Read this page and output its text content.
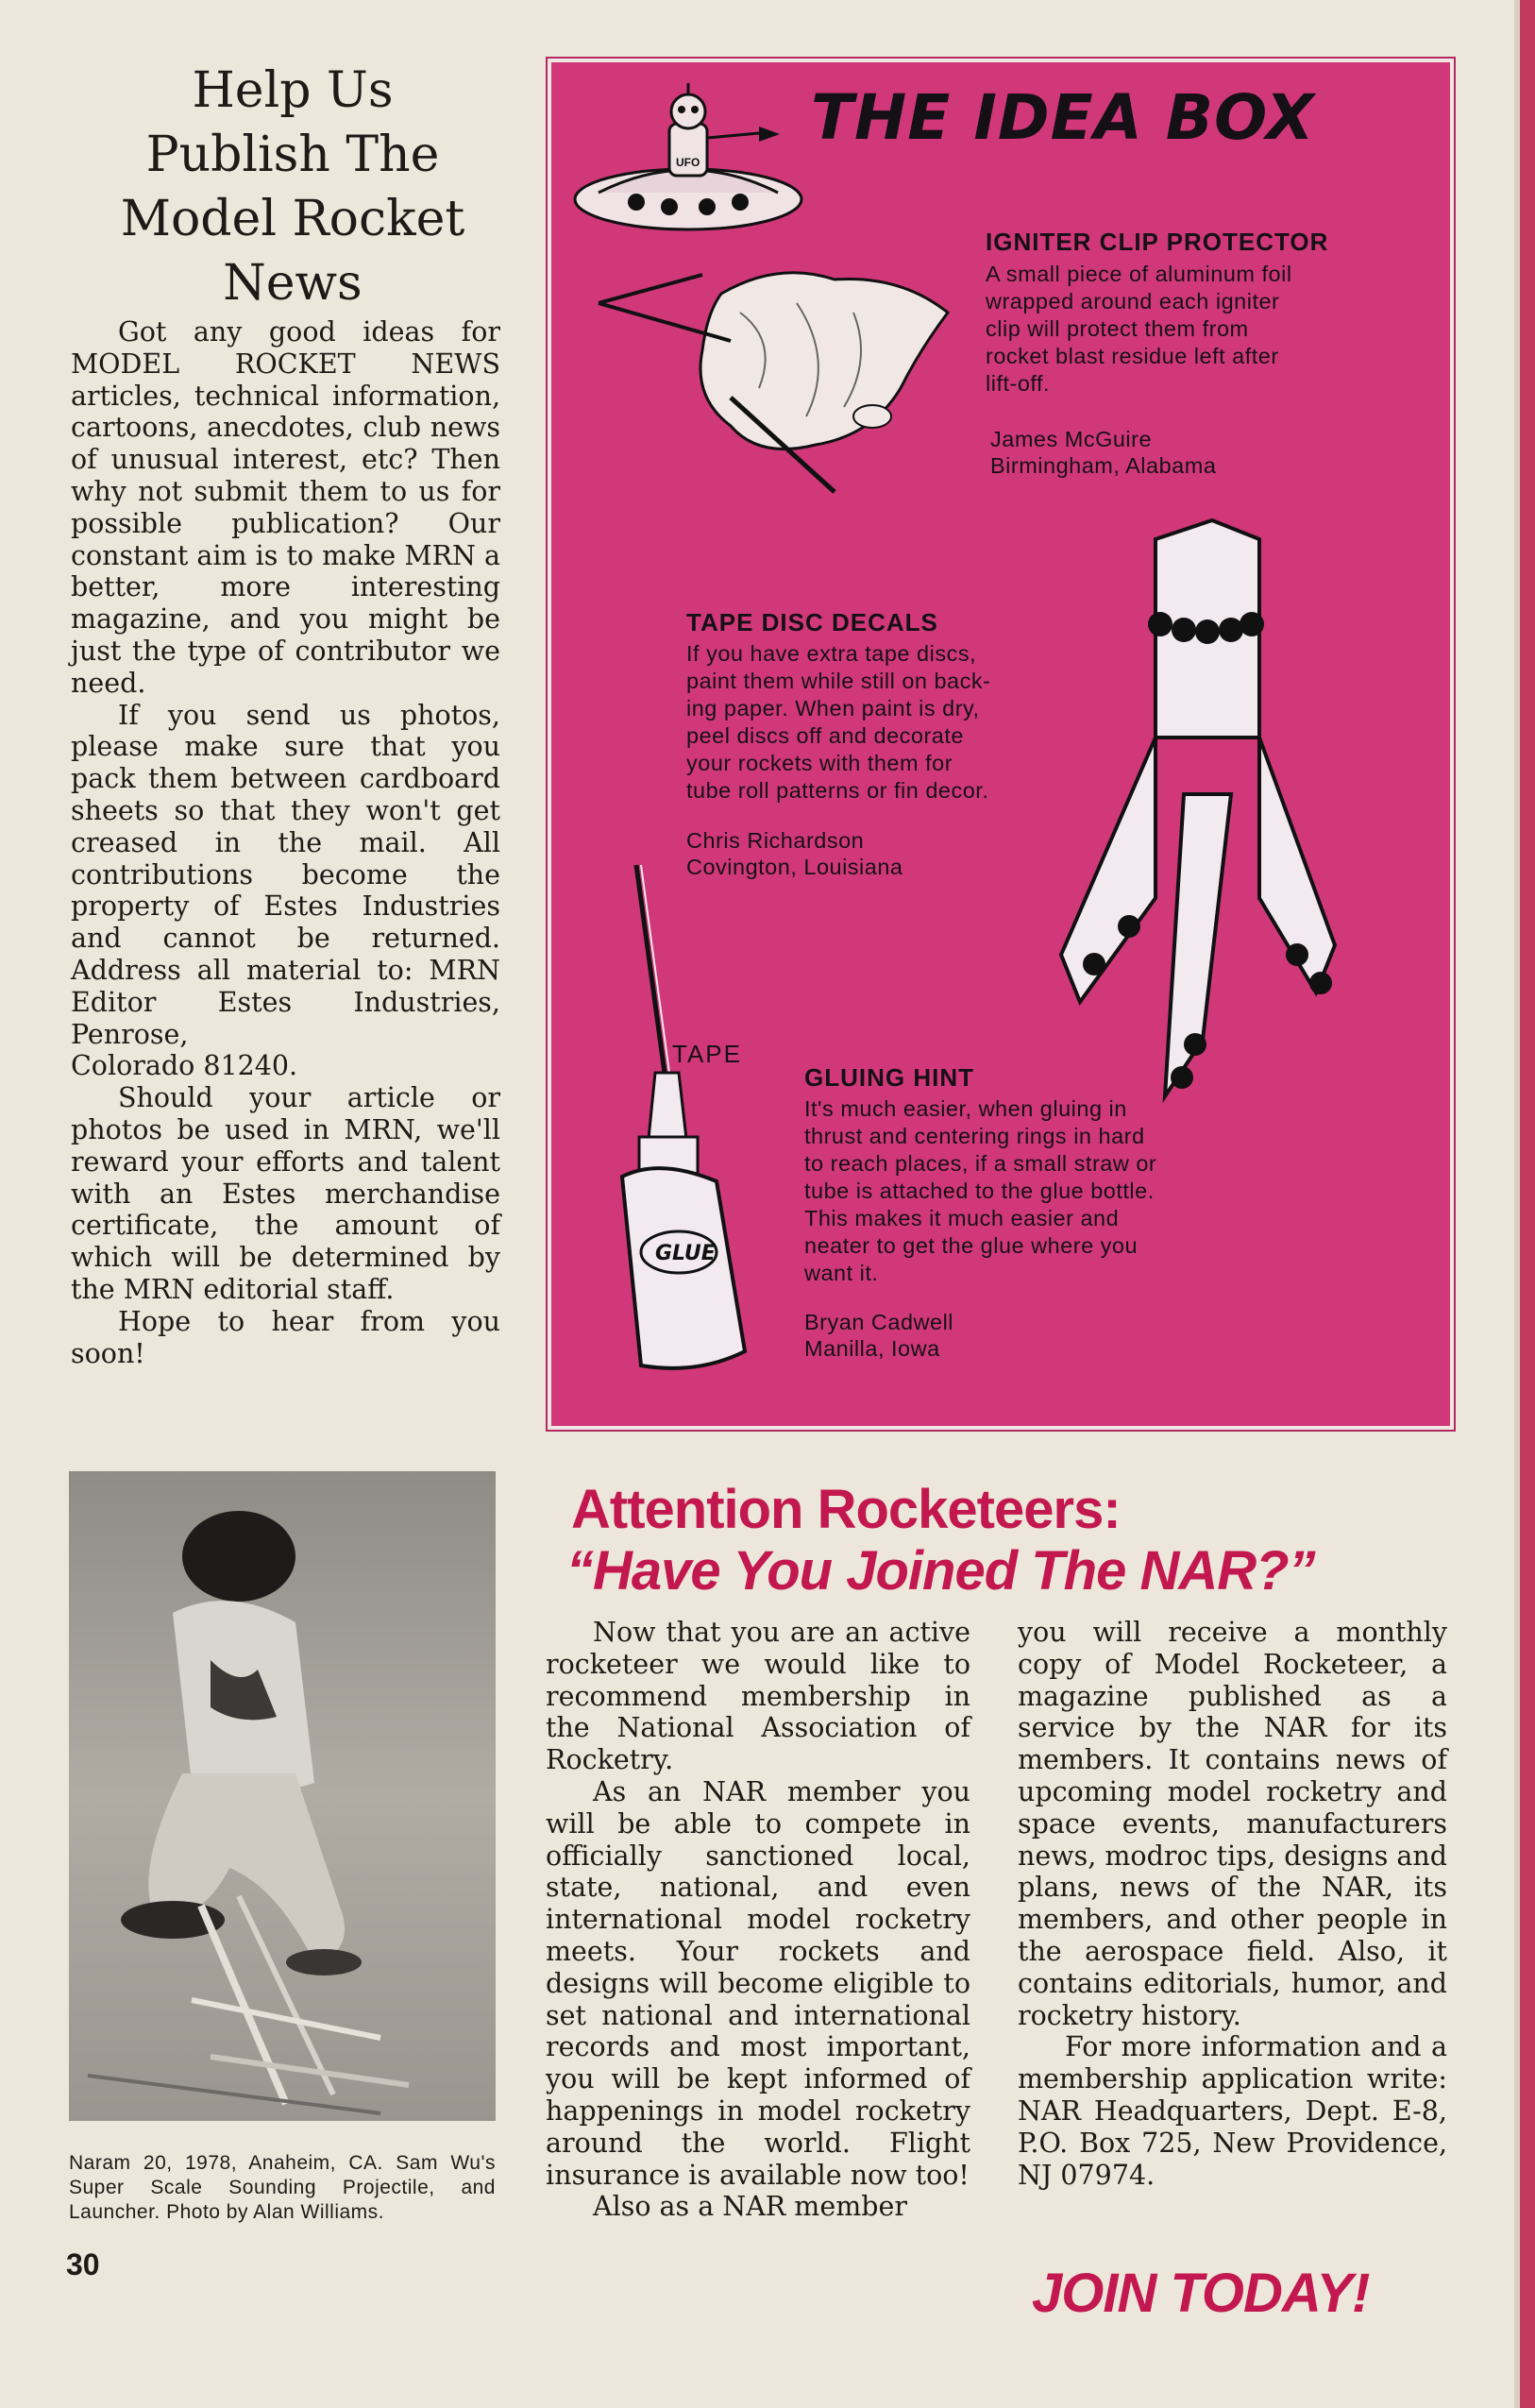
Help Us
Publish The
Model Rocket
News

Got any good ideas for MODEL ROCKET NEWS articles, technical information, cartoons, anecdotes, club news of unusual interest, etc? Then why not submit them to us for possible publication? Our constant aim is to make MRN a better, more interesting magazine, and you might be just the type of contributor we need.

If you send us photos, please make sure that you pack them between cardboard sheets so that they won't get creased in the mail. All contributions become the property of Estes Industries and cannot be returned. Address all material to: MRN Editor Estes Industries, Penrose,

Colorado 81240.

Should your article or photos be used in MRN, we'll reward your efforts and talent with an Estes merchandise certificate, the amount of which will be determined by the MRN editorial staff.

Hope to hear from you soon!

UFO
THE IDEA BOX
IGNITER CLIP PROTECTOR
A small piece of aluminum foil
wrapped around each igniter
clip will protect them from
rocket blast residue left after
lift-off.
James McGuire
Birmingham, Alabama
TAPE DISC DECALS
If you have extra tape discs,
paint them while still on back-
ing paper. When paint is dry,
peel discs off and decorate
your rockets with them for
tube roll patterns or fin decor.
Chris Richardson
Covington, Louisiana
GLUE
TAPE
GLUING HINT
It's much easier, when gluing in
thrust and centering rings in hard
to reach places, if a small straw or
tube is attached to the glue bottle.
This makes it much easier and
neater to get the glue where you
want it.
Bryan Cadwell
Manilla, Iowa
Naram 20, 1978, Anaheim, CA. Sam Wu's Super Scale Sounding Projectile, and Launcher. Photo by Alan Williams.
30
Attention Rocketeers:
“Have You Joined The NAR?”

Now that you are an active rocketeer we would like to recommend membership in the National Association of Rocketry.

As an NAR member you will be able to compete in officially sanctioned local, state, national, and even international model rocketry meets. Your rockets and designs will become eligible to set national and international records and most important, you will be kept informed of happenings in model rocketry around the world. Flight insurance is available now too!

Also as a NAR member

you will receive a monthly copy of Model Rocketeer, a magazine published as a service by the NAR for its members. It contains news of upcoming model rocketry and space events, manufacturers news, modroc tips, designs and plans, news of the NAR, its members, and other people in the aerospace field. Also, it contains editorials, humor, and rocketry history.

For more information and a membership application write: NAR Headquarters, Dept. E-8, P.O. Box 725, New Providence, NJ 07974.

JOIN TODAY!
